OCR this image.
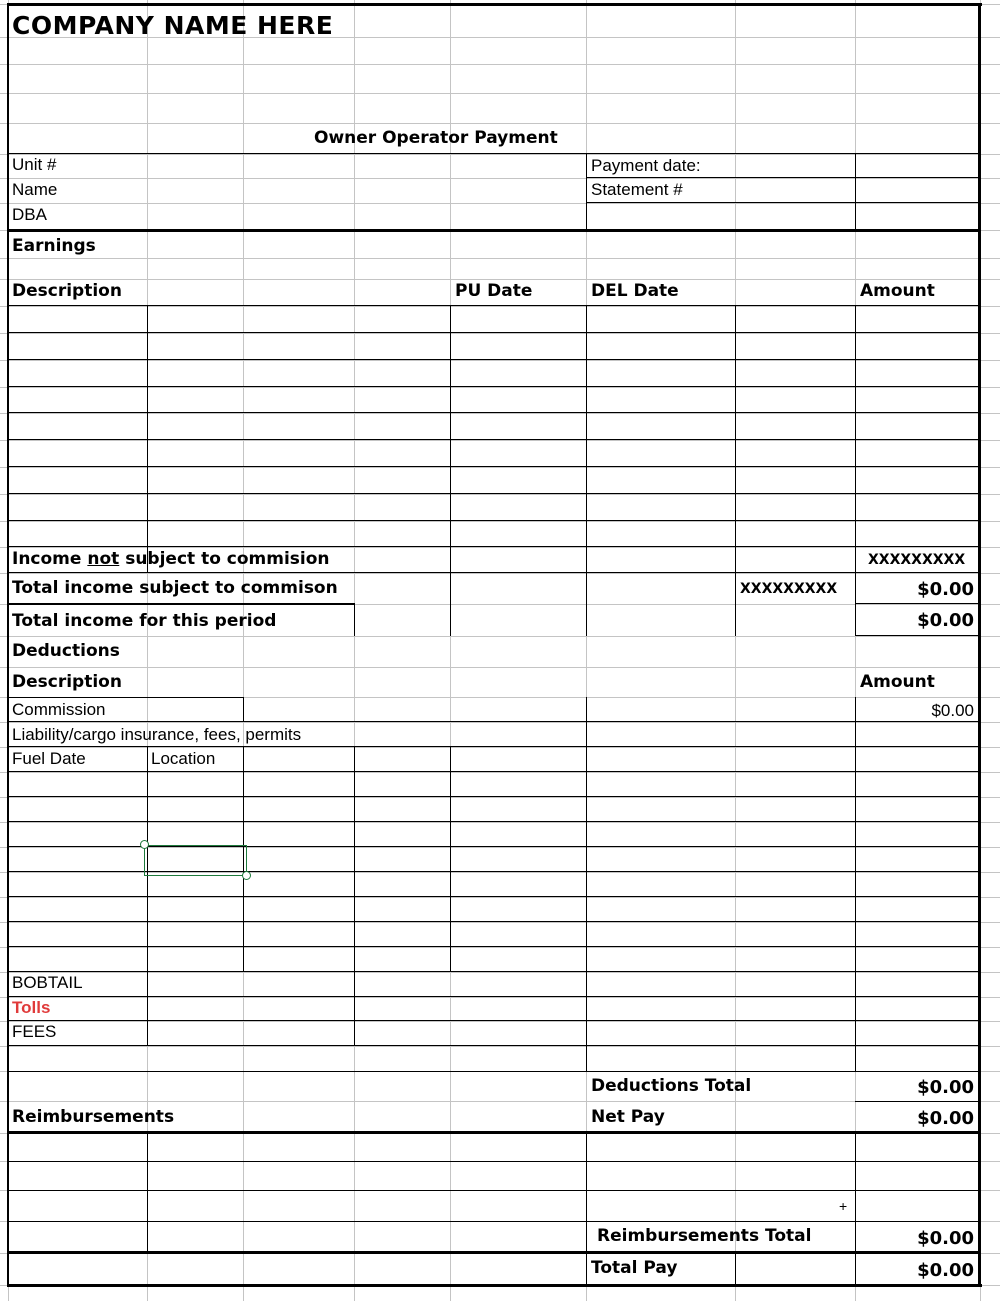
COMPANY NAME HERE
Owner Operator Payment
Unit #
Name
DBA
Payment date:
Statement #
Earnings
Description	PU Date	DEL Date	Amount
Income not subject to commision	XXXXXXXXX
Total income subject to commison	XXXXXXXXX	$0.00
Total income for this period	$0.00
Deductions
Description	Amount
Commission	$0.00
Liability/cargo insurance, fees, permits
Fuel Date	Location
BOBTAIL
Tolls
FEES
Deductions Total	$0.00
Reimbursements	Net Pay	$0.00
+
Reimbursements Total	$0.00
Total Pay	$0.00
